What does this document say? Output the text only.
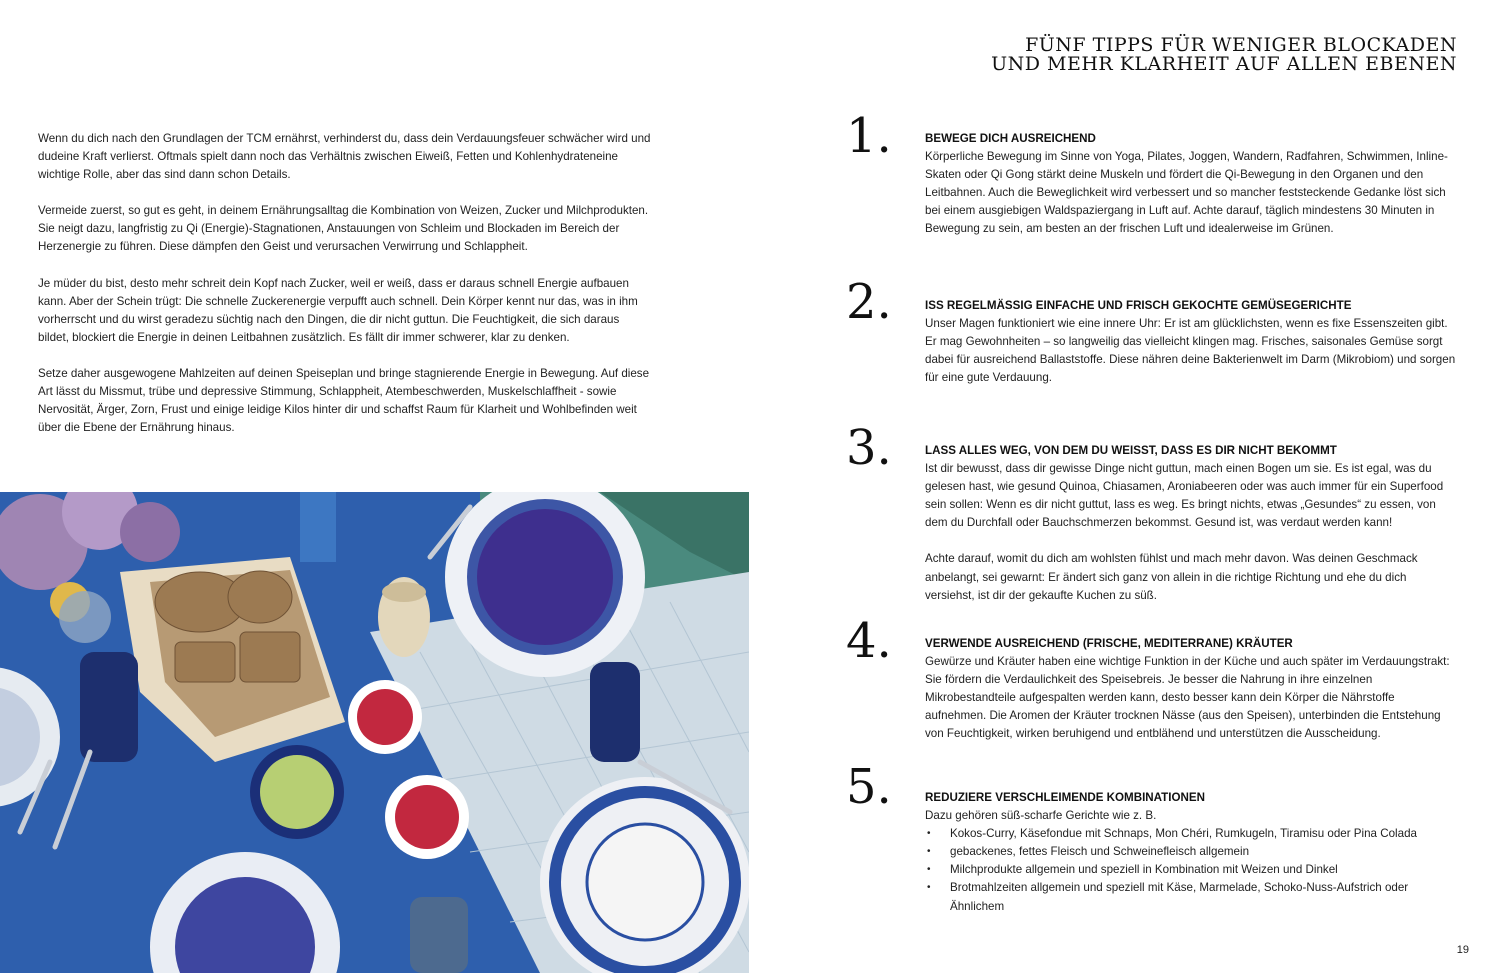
Wenn du dich nach den Grundlagen der TCM ernährst, verhinderst du, dass dein Verdauungsfeuer schwächer wird und dudeine Kraft verlierst. Oftmals spielt dann noch das Verhältnis zwischen Eiweiß, Fetten und Kohlenhydrateneine wichtige Rolle, aber das sind dann schon Details.

Vermeide zuerst, so gut es geht, in deinem Ernährungsalltag die Kombination von Weizen, Zucker und Milchprodukten. Sie neigt dazu, langfristig zu Qi (Energie)-Stagnationen, Anstauungen von Schleim und Blockaden im Bereich der Herzenergie zu führen. Diese dämpfen den Geist und verursachen Verwirrung und Schlappheit.

Je müder du bist, desto mehr schreit dein Kopf nach Zucker, weil er weiß, dass er daraus schnell Energie aufbauen kann. Aber der Schein trügt: Die schnelle Zuckerenergie verpufft auch schnell. Dein Körper kennt nur das, was in ihm vorherrscht und du wirst geradezu süchtig nach den Dingen, die dir nicht guttun. Die Feuchtigkeit, die sich daraus bildet, blockiert die Energie in deinen Leitbahnen zusätzlich. Es fällt dir immer schwerer, klar zu denken.

Setze daher ausgewogene Mahlzeiten auf deinen Speiseplan und bringe stagnierende Energie in Bewegung. Auf diese Art lässt du Missmut, trübe und depressive Stimmung, Schlappheit, Atembeschwerden, Muskelschlaffheit - sowie Nervosität, Ärger, Zorn, Frust und einige leidige Kilos hinter dir und schaffst Raum für Klarheit und Wohlbefinden weit über die Ebene der Ernährung hinaus.

FÜNF TIPPS FÜR WENIGER BLOCKADEN
UND MEHR KLARHEIT AUF ALLEN EBENEN
1.	BEWEGE DICH AUSREICHEND

Körperliche Bewegung im Sinne von Yoga, Pilates, Joggen, Wandern, Radfahren, Schwimmen, Inline-Skaten oder Qi Gong stärkt deine Muskeln und fördert die Qi-Bewegung in den Organen und den Leitbahnen. Auch die Beweglichkeit wird verbessert und so mancher feststeckende Gedanke löst sich bei einem ausgiebigen Waldspaziergang in Luft auf. Achte darauf, täglich mindestens 30 Minuten in Bewegung zu sein, am besten an der frischen Luft und idealerweise im Grünen.

2.	ISS REGELMÄSSIG EINFACHE UND FRISCH GEKOCHTE GEMÜSEGERICHTE

Unser Magen funktioniert wie eine innere Uhr: Er ist am glücklichsten, wenn es fixe Essenszeiten gibt. Er mag Gewohnheiten – so langweilig das vielleicht klingen mag. Frisches, saisonales Gemüse sorgt dabei für ausreichend Ballaststoffe. Diese nähren deine Bakterienwelt im Darm (Mikrobiom) und sorgen für eine gute Verdauung.

3.	LASS ALLES WEG, VON DEM DU WEISST, DASS ES DIR NICHT BEKOMMT

Ist dir bewusst, dass dir gewisse Dinge nicht guttun, mach einen Bogen um sie. Es ist egal, was du gelesen hast, wie gesund Quinoa, Chiasamen, Aroniabeeren oder was auch immer für ein Superfood sein sollen: Wenn es dir nicht guttut, lass es weg. Es bringt nichts, etwas „Gesundes“ zu essen, von dem du Durchfall oder Bauchschmerzen bekommst. Gesund ist, was verdaut werden kann!

Achte darauf, womit du dich am wohlsten fühlst und mach mehr davon. Was deinen Geschmack anbelangt, sei gewarnt: Er ändert sich ganz von allein in die richtige Richtung und ehe du dich versiehst, ist dir der gekaufte Kuchen zu süß.

4.	VERWENDE AUSREICHEND (FRISCHE, MEDITERRANE) KRÄUTER

Gewürze und Kräuter haben eine wichtige Funktion in der Küche und auch später im Verdauungstrakt: Sie fördern die Verdaulichkeit des Speisebreis. Je besser die Nahrung in ihre einzelnen Mikrobestandteile aufgespalten werden kann, desto besser kann dein Körper die Nährstoffe aufnehmen. Die Aromen der Kräuter trocknen Nässe (aus den Speisen), unterbinden die Entstehung von Feuchtigkeit, wirken beruhigend und entblähend und unterstützen die Ausscheidung.

5.	REDUZIERE VERSCHLEIMENDE KOMBINATIONEN

Dazu gehören süß-scharfe Gerichte wie z. B.

• Kokos-Curry, Käsefondue mit Schnaps, Mon Chéri, Rumkugeln, Tiramisu oder Pina Colada
• gebackenes, fettes Fleisch und Schweinefleisch allgemein
• Milchprodukte allgemein und speziell in Kombination mit Weizen und Dinkel
• Brotmahlzeiten allgemein und speziell mit Käse, Marmelade, Schoko-Nuss-Aufstrich oder Ähnlichem
19
